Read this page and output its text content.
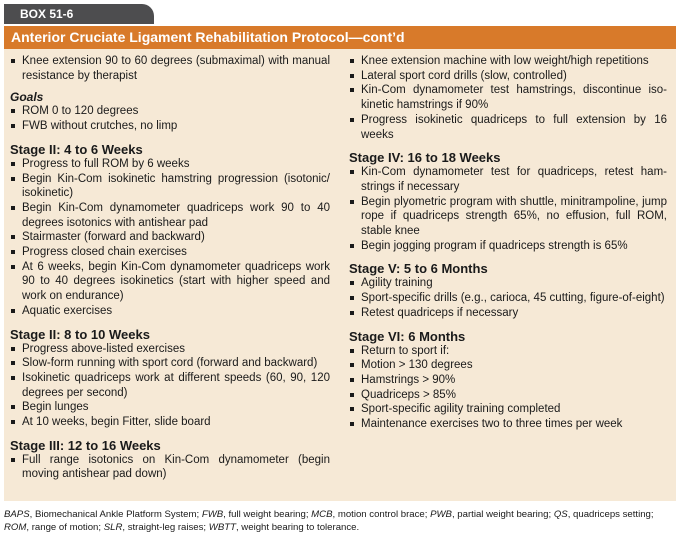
BOX 51-6
Anterior Cruciate Ligament Rehabilitation Protocol—cont’d
Knee extension 90 to 60 degrees (submaximal) with manual resistance by therapist
Goals
ROM 0 to 120 degrees
FWB without crutches, no limp
Stage II: 4 to 6 Weeks
Progress to full ROM by 6 weeks
Begin Kin-Com isokinetic hamstring progression (isotonic/ isokinetic)
Begin Kin-Com dynamometer quadriceps work 90 to 40 degrees isotonics with antishear pad
Stairmaster (forward and backward)
Progress closed chain exercises
At 6 weeks, begin Kin-Com dynamometer quadriceps work 90 to 40 degrees isokinetics (start with higher speed and work on endurance)
Aquatic exercises
Stage II: 8 to 10 Weeks
Progress above-listed exercises
Slow-form running with sport cord (forward and backward)
Isokinetic quadriceps work at different speeds (60, 90, 120 degrees per second)
Begin lunges
At 10 weeks, begin Fitter, slide board
Stage III: 12 to 16 Weeks
Full range isotonics on Kin-Com dynamometer (begin moving antishear pad down)
Knee extension machine with low weight/high repetitions
Lateral sport cord drills (slow, controlled)
Kin-Com dynamometer test hamstrings, discontinue iso- kinetic hamstrings if 90%
Progress isokinetic quadriceps to full extension by 16 weeks
Stage IV: 16 to 18 Weeks
Kin-Com dynamometer test for quadriceps, retest ham- strings if necessary
Begin plyometric program with shuttle, minitrampoline, jump rope if quadriceps strength 65%, no effusion, full ROM, stable knee
Begin jogging program if quadriceps strength is 65%
Stage V: 5 to 6 Months
Agility training
Sport-specific drills (e.g., carioca, 45 cutting, figure-of-eight)
Retest quadriceps if necessary
Stage VI: 6 Months
Return to sport if:
Motion > 130 degrees
Hamstrings > 90%
Quadriceps > 85%
Sport-specific agility training completed
Maintenance exercises two to three times per week
BAPS, Biomechanical Ankle Platform System; FWB, full weight bearing; MCB, motion control brace; PWB, partial weight bearing; QS, quadriceps setting; ROM, range of motion; SLR, straight-leg raises; WBTT, weight bearing to tolerance.
